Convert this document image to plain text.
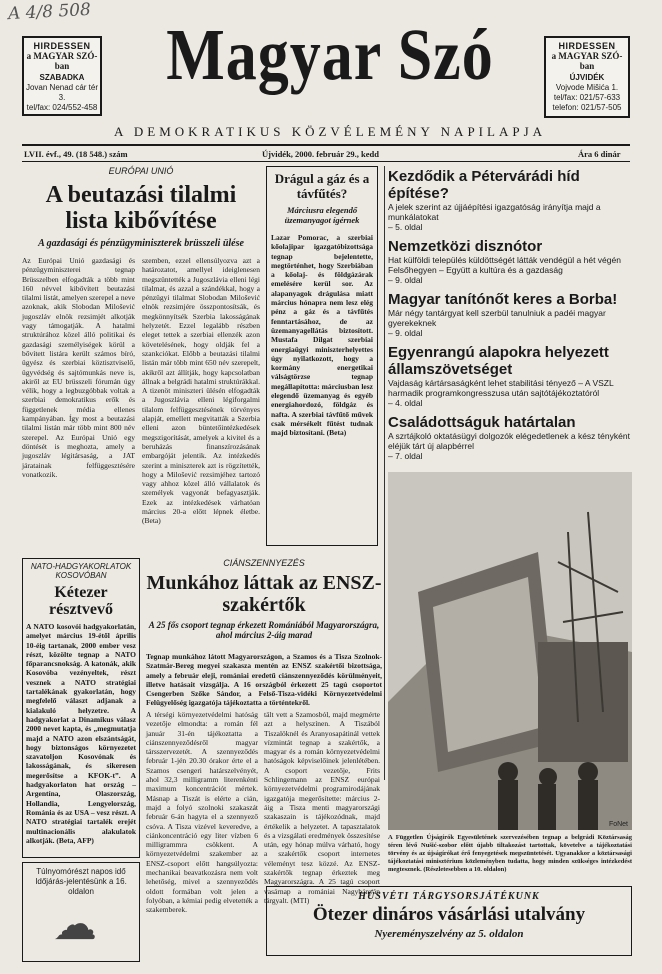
A 4/8 508
HIRDESSEN
a MAGYAR SZÓ-ban
SZABADKA
Jovan Nenad cár tér 3.
tel/fax: 024/552-458
Magyar Szó
A DEMOKRATIKUS KÖZVÉLEMÉNY NAPILAPJA
HIRDESSEN
a MAGYAR SZÓ-ban
ÚJVIDÉK
Vojvode Mišića 1.
tel/fax: 021/57-633
telefon: 021/57-505
LVII. évf., 49. (18 548.) szám	Újvidék, 2000. február 29., kedd	Ára 6 dinár
EURÓPAI UNIÓ
A beutazási tilalmi lista kibővítése
A gazdasági és pénzügyminiszterek brüsszeli ülése
Az Európai Unió gazdasági és pénzügyminiszterei tegnap Brüsszelben elfogadták a több mint 160 névvel kibővített beutazási tilalmi listát, amelyen szerepel a neve azoknak, akik Slobodan Milošević jugoszláv elnök rezsimjét alkotják vagy támogatják. A hatalmi struktúrához közel álló politikai és gazdasági személyiségek körül a bővített listára került számos bíró, ügyész és szerbiai köztisztviselő, ügyvédség és sajtómunkás neve is, akiről az EU brüsszeli fórumán úgy vélik, hogy a legbuzgóbbak voltak a szerbiai demokratikus erők és függetlenek média ellenes kampányában. Így most a beutazási tilalmi listán már több mint 800 név szerepel. Az Európai Unió egy döntését is meghozta, amely a jugoszláv légitársaság, a JAT járatainak felfüggesztésére vonatkozik.
szemben, ezzel ellensúlyozva azt a határozatot, amellyel ideiglenesen megszüntették a Jugoszlávia elleni légi tilalmat, és azzal a szándékkal, hogy a pénzügyi tilalmat Slobodan Milošević elnök rezsimjére összpontosítsák, és megkönnyítsék Szerbia lakosságának helyzetét. Ezzel legalább részben eleget tettek a szerbiai ellenzék azon követelésének, hogy oldják fel a szankciókat. Előbb a beutazási tilalmi listán már több mint 650 név szerepelt, akikről azt állítják, hogy kapcsolatban állnak a belgrádi hatalmi struktúrákkal. A tizenöt miniszteri ülésén elfogadták a Jugoszlávia elleni légiforgalmi tilalom felfüggesztésének törvényes alapját, emellett megvitatták a Szerbia elleni azon büntetőintézkedések megszigorítását, amelyek a kivitel és a beruházás finanszírozásának embargóját jelentik. Az intézkedés szerint a miniszterek azt is rögzítették, hogy a Milošević rezsimjéhez tartozó vagy ahhoz közel álló vállalatok és személyek vagyonát befagyasztják. Ezek az intézkedések várhatóan március 20-a előtt lépnek életbe. (Beta)
Drágul a gáz és a távfűtés?
Márciusra elegendő üzemanyagot ígérnek
Lazar Pomorac, a szerbiai kőolajipar igazgatóbizottsága tegnap bejelentette, megtörténhet, hogy Szerbiában a kőolaj- és földgázárak emelésére kerül sor. Az alapanyagok drágulása miatt március hónapra nem lesz elég pénz a gáz és a távfűtés fenntartásához, de az üzemanyagellátás biztosított. Mustafa Dilgat szerbiai energiaügyi miniszterhelyettes úgy nyilatkozott, hogy a kormány energetikai válságtörzse tegnap megállapította: márciusban lesz elegendő üzemanyag és egyéb energiahordozó, földgáz és nafta. A szerbiai távfűtő művek csak mérsékelt fűtést tudnak majd biztosítani. (Beta)
Kezdődik a Pétervárádi híd építése?
A jelek szerint az újjáépítési igazgatóság irányítja majd a munkálatokat
– 5. oldal
Nemzetközi disznótor
Hat külföldi település küldöttségét látták vendégül a hét végén Felsőhegyen – Együtt a kultúra és a gazdaság
– 9. oldal
Magyar tanítónőt keres a Borba!
Már négy tantárgyat kell szerbül tanulniuk a padéi magyar gyerekeknek
– 9. oldal
Egyenrangú alapokra helyezett államszövetséget
Vajdaság kártársaságként lehet stabilitási tényező – A VSZL harmadik programkongresszusa után sajtótájékoztatóról
– 4. oldal
Családottságuk határtalan
A szrtájkoló oktatásügyi dolgozók elégedetlenek a kész tényként eléjük tárt új alapbérrel
– 7. oldal
FoNet
A Független Újságírók Egyesületének szervezésében tegnap a belgrádi Köztársaság téren lévő Nušić-szobor előtt újabb tiltakozást tartottak, követelve a tájékoztatási törvény és az újságírókat érő fenyegetések megszüntetését. Ugyanakkor a köztársasági tájékoztatási minisztérium közleményben tudatta, hogy minden szükséges intézkedést megtesznek. (Részletesebben a 10. oldalon)
NATO-HADGYAKORLATOK KOSOVÓBAN
Kétezer résztvevő
A NATO kosovói hadgyakorlatán, amelyet március 19-étől április 10-éig tartanak, 2000 ember vesz részt, közölte tegnap a NATO főparancsnokság. A katonák, akik Kosovóba vezényeltek, részt vesznek a NATO stratégiai tartalékának gyakorlatán, hogy megfelelő választ adjanak a kialakuló helyzetre. A hadgyakorlat a Dinamikus válasz 2000 nevet kapta, és „megmutatja majd a NATO azon elszántságát, hogy biztonságos környezetet szavatoljon Kosovónak és lakosságának, és sikeresen megerősítse a KFOK-t”. A hadgyakorlaton hat ország – Argentína, Olaszország, Hollandia, Lengyelország, Románia és az USA – vesz részt. A NATO stratégiai tartalék erejét multinacionális alakulatok alkotják. (Beta, AFP)
Túlnyomórészt napos idő
Időjárás-jelentésünk a 16. oldalon
☁
CIÁNSZENNYEZÉS
Munkához láttak az ENSZ-szakértők
A 25 fős csoport tegnap érkezett Romániából Magyarországra, ahol március 2-áig marad
Tegnap munkához látott Magyarországon, a Szamos és a Tisza Szolnok-Szatmár-Bereg megyei szakasza mentén az ENSZ szakértői bizottsága, amely a február eleji, romániai eredetű ciánszennyeződés körülményeit, illetve hatásait vizsgálja. A 16 országból érkezett 25 tagú csoportot Csengerben Szőke Sándor, a Felső-Tisza-vidéki Környezetvédelmi Felügyelőség igazgatója tájékoztatta a történtekről.
A térségi környezetvédelmi hatóság vezetője elmondta: a román fél január 31-én tájékoztatta a ciánszennyeződésről magyar társszervezetét. A szennyeződés február 1-jén 20.30 órakor érte el a Szamos csengeri határszelvényét, ahol 32,3 milligramm literenkénti maximum koncentrációt mértek. Másnap a Tiszát is elérte a cián, majd a folyó szolnoki szakaszát február 6-án hagyta el a szennyező csóva. A Tisza vizével keveredve, a ciánkoncentráció egy liter vízben 6 milligrammra csökkent. A környezetvédelmi szakember az ENSZ-csoport előtt hangsúlyozta: mechanikai beavatkozásra nem volt lehetőség, mivel a szennyeződés oldott formában volt jelen a folyóban, a kémiai pedig elvetették a szakemberek.
tält vett a Szamosból, majd megmérte azt a helyszínen. A Tiszából Tiszalöknél és Aranyosapátinál vettek vízmintát tegnap a szakértők, a magyar és a román környezetvédelmi hatóságok képviselőinek jelenlétében. A csoport vezetője, Frits Schlingemann az ENSZ európai környezetvédelmi programirodájának igazgatója megerősítette: március 2-áig a Tisza menti magyarországi szakaszain is tájékozódnak, majd értékelik a helyzetet. A tapasztalatok és a vizsgálati eredmények összesítése után, egy hónap múlva várható, hogy a szakértők csoport internetes véleményt tesz közzé. Az ENSZ-szakértők tegnap érkeztek meg Magyarországra. A 25 tagú csoport vasárnap a romániai Nagybányán tárgyalt. (MTI)	HÚSVÉTI TÁRGYSORSJÁTÉKUNK
Ötezer dináros vásárlási utalvány
Nyereményszelvény az 5. oldalon
